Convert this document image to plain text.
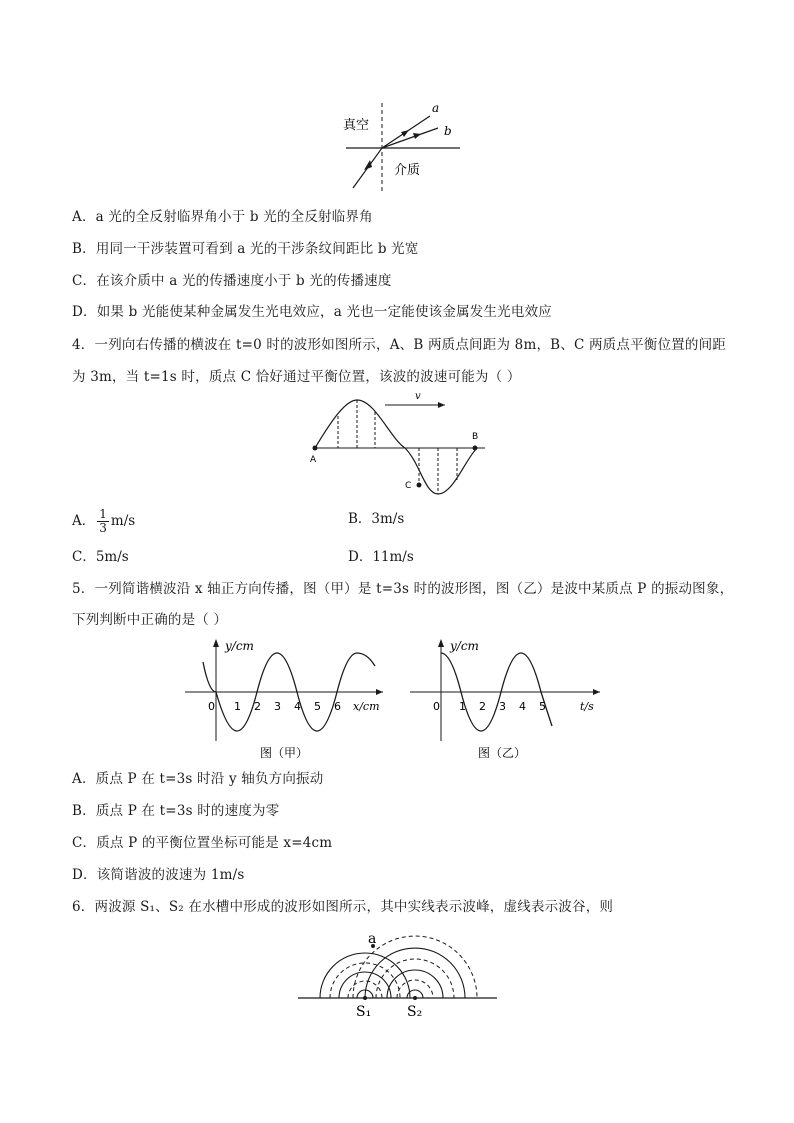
真空
介质
a
b
A．a 光的全反射临界角小于 b 光的全反射临界角
B．用同一干涉装置可看到 a 光的干涉条纹间距比 b 光宽
C．在该介质中 a 光的传播速度小于 b 光的传播速度
D．如果 b 光能使某种金属发生光电效应，a 光也一定能使该金属发生光电效应
4．一列向右传播的横波在 t=0 时的波形如图所示，A、B 两质点间距为 8m，B、C 两质点平衡位置的间距
为 3m，当 t=1s 时，质点 C 恰好通过平衡位置，该波的波速可能为（ ）
v
A
B
C
A． $\frac{1}{3} m/s$	B．3m/s
C．5m/s	D．11m/s
5．一列简谐横波沿 x 轴正方向传播，图（甲）是 t=3s 时的波形图，图（乙）是波中某质点 P 的振动图象，
下列判断中正确的是（ ）
y/cm
0 1 2 3 4 5 6 x/cm
图（甲）
y/cm
0 1 2 3 4 5	t/s
图（乙）
A．质点 P 在 t=3s 时沿 y 轴负方向振动
B．质点 P 在 t=3s 时的速度为零
C．质点 P 的平衡位置坐标可能是 x=4cm
D．该简谐波的波速为 1m/s
6．两波源 S₁、S₂ 在水槽中形成的波形如图所示，其中实线表示波峰，虚线表示波谷，则
a
S₁	S₂
